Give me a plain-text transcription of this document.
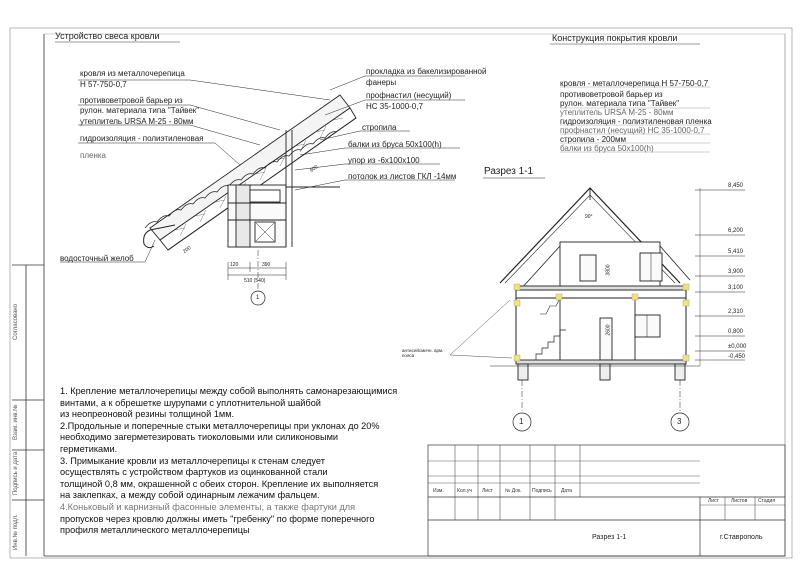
Устройство свеса кровли	Конструкция покрытия кровли
кровля из металлочерепица
Н 57-750-0,7
противоветровой барьер из
рулон. материала типа "Тайвек"
утеплитель URSA М-25 - 80мм
гидроизоляция - полиэтиленовая
пленка
водосточный желоб
прокладка из бакелизированной
фанеры
профнастил (несущий)
НС 35-1000-0,7
стропила
балки из бруса 50х100(h)
упор из -6х100х100
потолок из листов ГКЛ -14мм
120	390
510 (540)
600
200
1
кровля - металлочерепица Н 57-750-0,7
противоветровой барьер из
рулон. материала типа "Тайвек"
утеплитель URSA М-25 - 80мм
гидроизоляция - полиэтиленовая пленка
профнастил (несущий) НС 35-1000-0,7
стропила - 200мм
балки из бруса 50х100(h)
Разрез 1-1
антисейсмичн. арм. пояса
8,450
6,200
5,410
3,900
3,100
2,310
0,800
±0,000
-0,450
3800
2600
90°
1	3
1. Крепление металлочерепицы между собой выполнять самонарезающимися
винтами, а к обрешетке шурупами с уплотнительной шайбой
из неопреоновой резины толщиной 1мм.
2.Продольные и поперечные стыки металлочерепицы при уклонах до 20%
необходимо загерметезировать тиоколовыми или силиконовыми
герметиками.
3. Примыкание кровли из металлочерепицы к стенам следует
осуществлять с устройством фартуков из оцинкованной стали
толщиной 0,8 мм, окрашенной с обеих сторон. Крепление их выполняется
на заклепках, а между собой одинарным лежачим фальцем.
4.Коньковый и карнизный фасонные элементы, а также фартуки для
пропусков через кровлю должны иметь "гребенку" по форме поперечного
профиля металлического металлочерепицы
Согласовано
Взам. инв.№
Подпись и дата
Инв.№ подл.
Изм.	Кол.уч Лист № Док. Подпись Дата
Лист Листов Стадия
Разрез 1-1	г.Ставрополь
